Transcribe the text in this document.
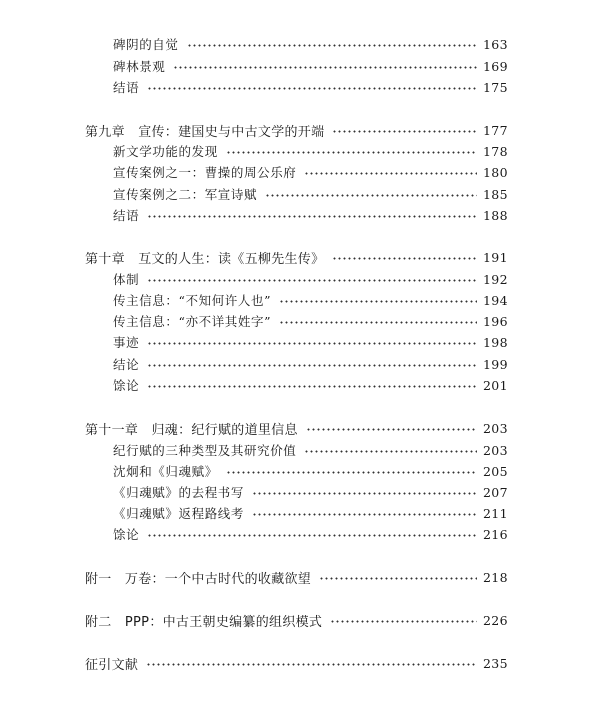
碑阴的自觉	163
碑林景观	169
结语	175
第九章　宣传：建国史与中古文学的开端	177
新文学功能的发现	178
宣传案例之一：曹操的周公乐府	180
宣传案例之二：军宣诗赋	185
结语	188
第十章　互文的人生：读《五柳先生传》	191
体制	192
传主信息：“不知何许人也”	194
传主信息：“亦不详其姓字”	196
事迹	198
结论	199
馀论	201
第十一章　归魂：纪行赋的道里信息	203
纪行赋的三种类型及其研究价值	203
沈炯和《归魂赋》	205
《归魂赋》的去程书写	207
《归魂赋》返程路线考	211
馀论	216
附一　万卷：一个中古时代的收藏欲望	218
附二　PPP：中古王朝史编纂的组织模式	226
征引文献	235
